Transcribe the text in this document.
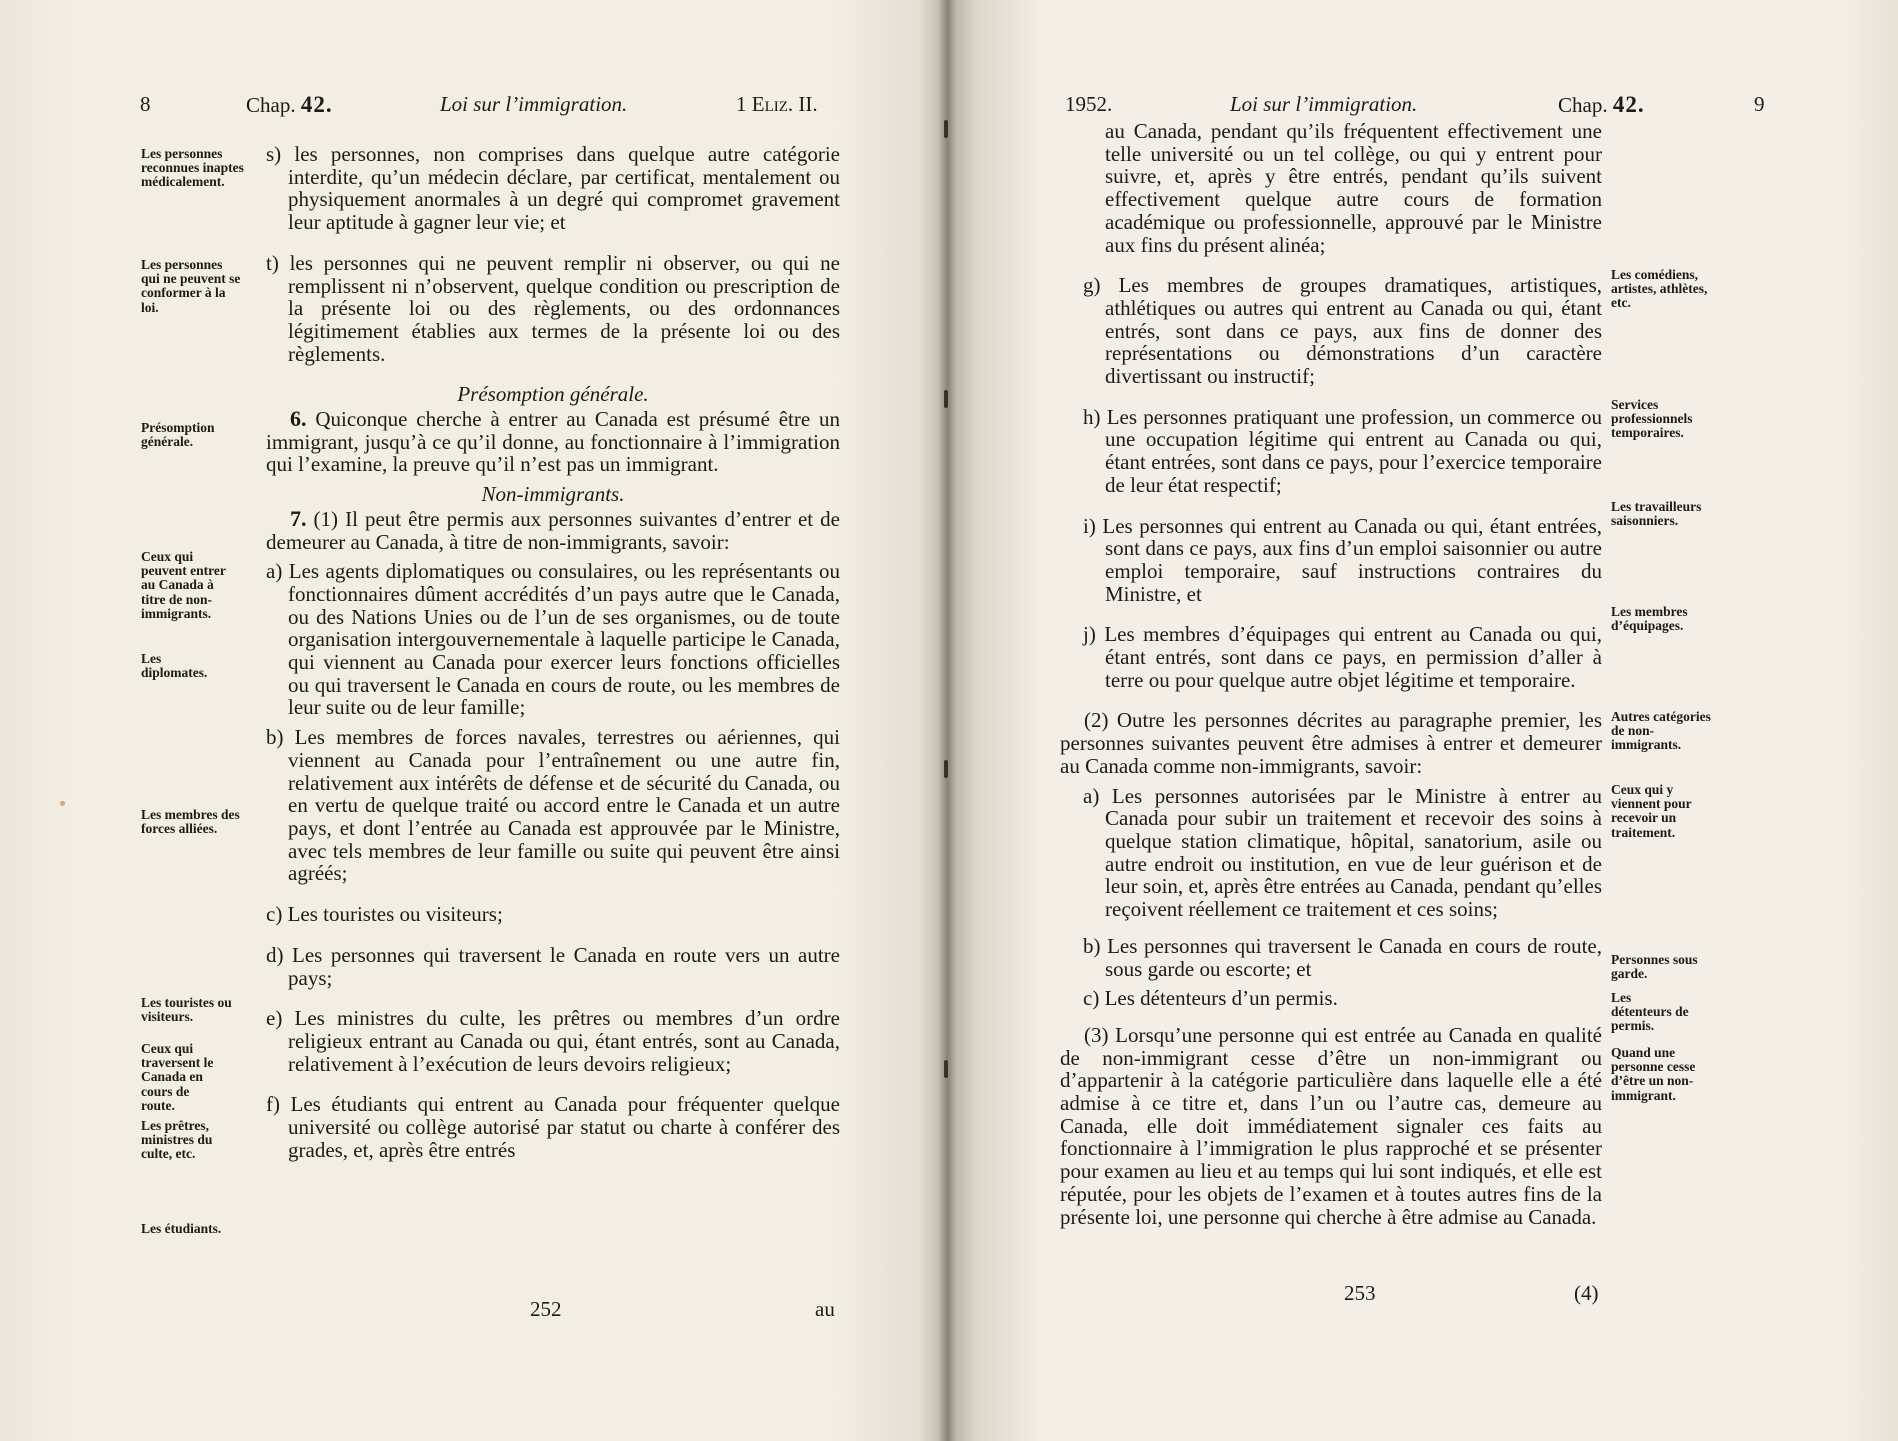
8	Chap. 42.	Loi sur l’immigration.	1 Eliz. II.
Les personnes reconnues inaptes médicalement.
Les personnes qui ne peuvent se conformer à la loi.
Présomption générale.
Ceux qui peuvent entrer au Canada à titre de non-immigrants.
Les diplomates.
Les membres des forces alliées.
Les touristes ou visiteurs.
Ceux qui traversent le Canada en cours de route.
Les prêtres, ministres du culte, etc.
Les étudiants.

s) les personnes, non comprises dans quelque autre catégorie interdite, qu’un médecin déclare, par certificat, mentalement ou physiquement anormales à un degré qui compromet gravement leur aptitude à gagner leur vie; et

t) les personnes qui ne peuvent remplir ni observer, ou qui ne remplissent ni n’observent, quelque condition ou prescription de la présente loi ou des règlements, ou des ordonnances légitimement établies aux termes de la présente loi ou des règlements.

Présomption générale.

6. Quiconque cherche à entrer au Canada est présumé être un immigrant, jusqu’à ce qu’il donne, au fonctionnaire à l’immigration qui l’examine, la preuve qu’il n’est pas un immigrant.

Non-immigrants.

7. (1) Il peut être permis aux personnes suivantes d’entrer et de demeurer au Canada, à titre de non-immigrants, savoir:

a) Les agents diplomatiques ou consulaires, ou les représentants ou fonctionnaires dûment accrédités d’un pays autre que le Canada, ou des Nations Unies ou de l’un de ses organismes, ou de toute organisation intergouvernementale à laquelle participe le Canada, qui viennent au Canada pour exercer leurs fonctions officielles ou qui traversent le Canada en cours de route, ou les membres de leur suite ou de leur famille;

b) Les membres de forces navales, terrestres ou aériennes, qui viennent au Canada pour l’entraînement ou une autre fin, relativement aux intérêts de défense et de sécurité du Canada, ou en vertu de quelque traité ou accord entre le Canada et un autre pays, et dont l’entrée au Canada est approuvée par le Ministre, avec tels membres de leur famille ou suite qui peuvent être ainsi agréés;

c) Les touristes ou visiteurs;

d) Les personnes qui traversent le Canada en route vers un autre pays;

e) Les ministres du culte, les prêtres ou membres d’un ordre religieux entrant au Canada ou qui, étant entrés, sont au Canada, relativement à l’exécution de leurs devoirs religieux;

f) Les étudiants qui entrent au Canada pour fréquenter quelque université ou collège autorisé par statut ou charte à conférer des grades, et, après être entrés

252	au
1952.	Loi sur l’immigration.	Chap. 42.	9

au Canada, pendant qu’ils fréquentent effectivement une telle université ou un tel collège, ou qui y entrent pour suivre, et, après y être entrés, pendant qu’ils suivent effectivement quelque autre cours de formation académique ou professionnelle, approuvé par le Ministre aux fins du présent alinéa;

g) Les membres de groupes dramatiques, artistiques, athlétiques ou autres qui entrent au Canada ou qui, étant entrés, sont dans ce pays, aux fins de donner des représentations ou démonstrations d’un caractère divertissant ou instructif;

h) Les personnes pratiquant une profession, un commerce ou une occupation légitime qui entrent au Canada ou qui, étant entrées, sont dans ce pays, pour l’exercice temporaire de leur état respectif;

i) Les personnes qui entrent au Canada ou qui, étant entrées, sont dans ce pays, aux fins d’un emploi saisonnier ou autre emploi temporaire, sauf instructions contraires du Ministre, et

j) Les membres d’équipages qui entrent au Canada ou qui, étant entrés, sont dans ce pays, en permission d’aller à terre ou pour quelque autre objet légitime et temporaire.

(2) Outre les personnes décrites au paragraphe premier, les personnes suivantes peuvent être admises à entrer et demeurer au Canada comme non-immigrants, savoir:

a) Les personnes autorisées par le Ministre à entrer au Canada pour subir un traitement et recevoir des soins à quelque station climatique, hôpital, sanatorium, asile ou autre endroit ou institution, en vue de leur guérison et de leur soin, et, après être entrées au Canada, pendant qu’elles reçoivent réellement ce traitement et ces soins;

b) Les personnes qui traversent le Canada en cours de route, sous garde ou escorte; et

c) Les détenteurs d’un permis.

(3) Lorsqu’une personne qui est entrée au Canada en qualité de non-immigrant cesse d’être un non-immigrant ou d’appartenir à la catégorie particulière dans laquelle elle a été admise à ce titre et, dans l’un ou l’autre cas, demeure au Canada, elle doit immédiatement signaler ces faits au fonctionnaire à l’immigration le plus rapproché et se présenter pour examen au lieu et au temps qui lui sont indiqués, et elle est réputée, pour les objets de l’examen et à toutes autres fins de la présente loi, une personne qui cherche à être admise au Canada.

Les comédiens, artistes, athlètes, etc.
Services professionnels temporaires.
Les travailleurs saisonniers.
Les membres d’équipages.
Autres catégories de non-immigrants.
Ceux qui y viennent pour recevoir un traitement.
Personnes sous garde.
Les détenteurs de permis.
Quand une personne cesse d’être un non-immigrant.
253	(4)
